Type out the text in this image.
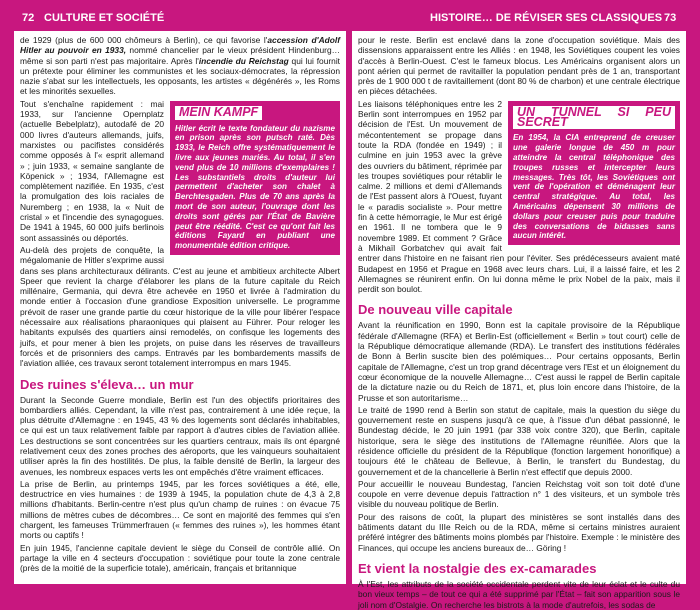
72 CULTURE ET SOCIÉTÉ	HISTOIRE… DE RÉVISER SES CLASSIQUES 73

de 1929 (plus de 600 000 chômeurs à Berlin), ce qui favorise l'accession d'Adolf Hitler au pouvoir en 1933, nommé chancelier par le vieux président Hindenburg… même si son parti n'est pas majoritaire. Après l'incendie du Reichstag qui lui fournit un prétexte pour éliminer les communistes et les sociaux-démocrates, la répression nazie s'abat sur les intellectuels, les opposants, les artistes « dégénérés », les Roms et les minorités sexuelles.

MEIN KAMPF
Hitler écrit le texte fondateur du nazisme en prison après son putsch raté. Dès 1933, le Reich offre systématiquement le livre aux jeunes mariés. Au total, il s'en vend plus de 10 millions d'exemplaires ! Les substantiels droits d'auteur lui permettent d'acheter son chalet à Berchtesgaden. Plus de 70 ans après la mort de son auteur, l'ouvrage dont les droits sont gérés par l'État de Bavière peut être réédité. C'est ce qu'ont fait les éditions Fayard en publiant une monumentale édition critique.

Tout s'enchaîne rapidement : mai 1933, sur l'ancienne Opernplatz (actuelle Bebelplatz), autodafé de 20 000 livres d'auteurs allemands, juifs, marxistes ou pacifistes considérés comme opposés à l'« esprit allemand » ; juin 1933, « semaine sanglante de Köpenick » ; 1934, l'Allemagne est complètement nazifiée. En 1935, c'est la promulgation des lois raciales de Nuremberg ; en 1938, la « Nuit de cristal » et l'incendie des synagogues. De 1941 à 1945, 60 000 juifs berlinois sont assassinés ou déportés.

Au-delà des projets de conquête, la mégalomanie de Hitler s'exprime aussi dans ses plans architecturaux délirants. C'est au jeune et ambitieux architecte Albert Speer que revient la charge d'élaborer les plans de la future capitale du Reich millénaire, Germania, qui devra être achevée en 1950 et livrée à l'admiration du monde entier à l'occasion d'une grandiose Exposition universelle. Le programme prévoit de raser une grande partie du cœur historique de la ville pour libérer l'espace nécessaire aux réalisations pharaoniques qui plaisent au Führer. Pour reloger les habitants expulsés des quartiers ainsi remodelés, on confisque les logements des juifs, et pour mener à bien les projets, on puise dans les réserves de travailleurs forcés et de prisonniers des camps. Entravés par les bombardements massifs de l'aviation alliée, ces travaux seront totalement interrompus en mars 1945.

Des ruines s'éleva… un mur

Durant la Seconde Guerre mondiale, Berlin est l'un des objectifs prioritaires des bombardiers alliés. Cependant, la ville n'est pas, contrairement à une idée reçue, la plus détruite d'Allemagne : en 1945, 43 % des logements sont déclarés inhabitables, ce qui est un taux relativement faible par rapport à d'autres cibles de l'aviation alliée. Les destructions se sont concentrées sur les quartiers centraux, mais ils ont épargné relativement ceux des zones proches des aéroports, que les vainqueurs souhaitaient utiliser après la fin des hostilités. De plus, la faible densité de Berlin, la largeur des avenues, les nombreux espaces verts les ont empêchés d'être vraiment efficaces.

La prise de Berlin, au printemps 1945, par les forces soviétiques a été, elle, destructrice en vies humaines : de 1939 à 1945, la population chute de 4,3 à 2,8 millions d'habitants. Berlin-centre n'est plus qu'un champ de ruines : on évacue 75 millions de mètres cubes de décombres… Ce sont en majorité des femmes qui s'en chargent, les fameuses Trümmerfrauen (« femmes des ruines »), les hommes étant morts ou captifs !

En juin 1945, l'ancienne capitale devient le siège du Conseil de contrôle allié. On partage la ville en 4 secteurs d'occupation : soviétique pour toute la zone centrale (près de la moitié de la superficie totale), américain, français et britannique

pour le reste. Berlin est enclavé dans la zone d'occupation soviétique. Mais des dissensions apparaissent entre les Alliés : en 1948, les Soviétiques coupent les voies d'accès à Berlin-Ouest. C'est le fameux blocus. Les Américains organisent alors un pont aérien qui permet de ravitailler la population pendant près de 1 an, transportant près de 1 900 000 t de ravitaillement (dont 80 % de charbon) et une centrale électrique en pièces détachées.

UN TUNNEL SI PEU SECRET
En 1954, la CIA entreprend de creuser une galerie longue de 450 m pour atteindre la central téléphonique des troupes russes et intercepter leurs messages. Très tôt, les Soviétiques ont vent de l'opération et déménagent leur central stratégique. Au total, les Américains dépensent 30 millions de dollars pour creuser puis pour traduire des conversations de bidasses sans aucun intérêt.

Les liaisons téléphoniques entre les 2 Berlin sont interrompues en 1952 par décision de l'Est. Un mouvement de mécontentement se propage dans toute la RDA (fondée en 1949) ; il culmine en juin 1953 avec la grève des ouvriers du bâtiment, réprimée par les troupes soviétiques pour rétablir le calme. 2 millions et demi d'Allemands de l'Est passent alors à l'Ouest, fuyant le « paradis socialiste ». Pour mettre fin à cette hémorragie, le Mur est érigé en 1961. Il ne tombera que le 9 novembre 1989. Et comment ? Grâce à Mikhaïl Gorbatchev qui avait fait entrer dans l'histoire en ne faisant rien pour l'éviter. Ses prédécesseurs avaient maté Budapest en 1956 et Prague en 1968 avec leurs chars. Lui, il a laissé faire, et les 2 Allemagnes se réunirent enfin. On lui donna même le prix Nobel de la paix, mais il perdit son boulot.

De nouveau ville capitale

Avant la réunification en 1990, Bonn est la capitale provisoire de la République fédérale d'Allemagne (RFA) et Berlin-Est (officiellement « Berlin » tout court) celle de la République démocratique allemande (RDA). Le transfert des institutions fédérales de Bonn à Berlin suscite bien des polémiques… Pour certains opposants, Berlin capitale de l'Allemagne, c'est un trop grand décentrage vers l'Est et un éloignement du cœur économique de la nouvelle Allemagne… C'est aussi le rappel de Berlin capitale de la dictature nazie ou du Reich de 1871, et, plus loin encore dans l'histoire, de la Prusse et son autoritarisme…

Le traité de 1990 rend à Berlin son statut de capitale, mais la question du siège du gouvernement reste en suspens jusqu'à ce que, à l'issue d'un débat passionné, le Bundestag décide, le 20 juin 1991 (par 338 voix contre 320), que Berlin, capitale historique, sera le siège des institutions de l'Allemagne réunifiée. Alors que la résidence officielle du président de la République (fonction largement honorifique) a toujours été le château de Bellevue, à Berlin, le transfert du Bundestag, du gouvernement et de la chancellerie à Berlin n'est effectif que depuis 2000.

Pour accueillir le nouveau Bundestag, l'ancien Reichstag voit son toit doté d'une coupole en verre devenue depuis l'attraction n° 1 des visiteurs, et un symbole très visible du nouveau politique de Berlin.

Pour des raisons de coût, la plupart des ministères se sont installés dans des bâtiments datant du IIIe Reich ou de la RDA, même si certains ministres auraient préféré intégrer des bâtiments moins plombés par l'histoire. Exemple : le ministère des Finances, qui occupe les anciens bureaux de… Göring !

Et vient la nostalgie des ex-camarades

À l'Est, les attributs de la société occidentale perdent vite de leur éclat et le culte du bon vieux temps – de tout ce qui a été supprimé par l'État – fait son apparition sous le joli nom d'Ostalgie. On recherche les bistrots à la mode d'autrefois, les sodas de
